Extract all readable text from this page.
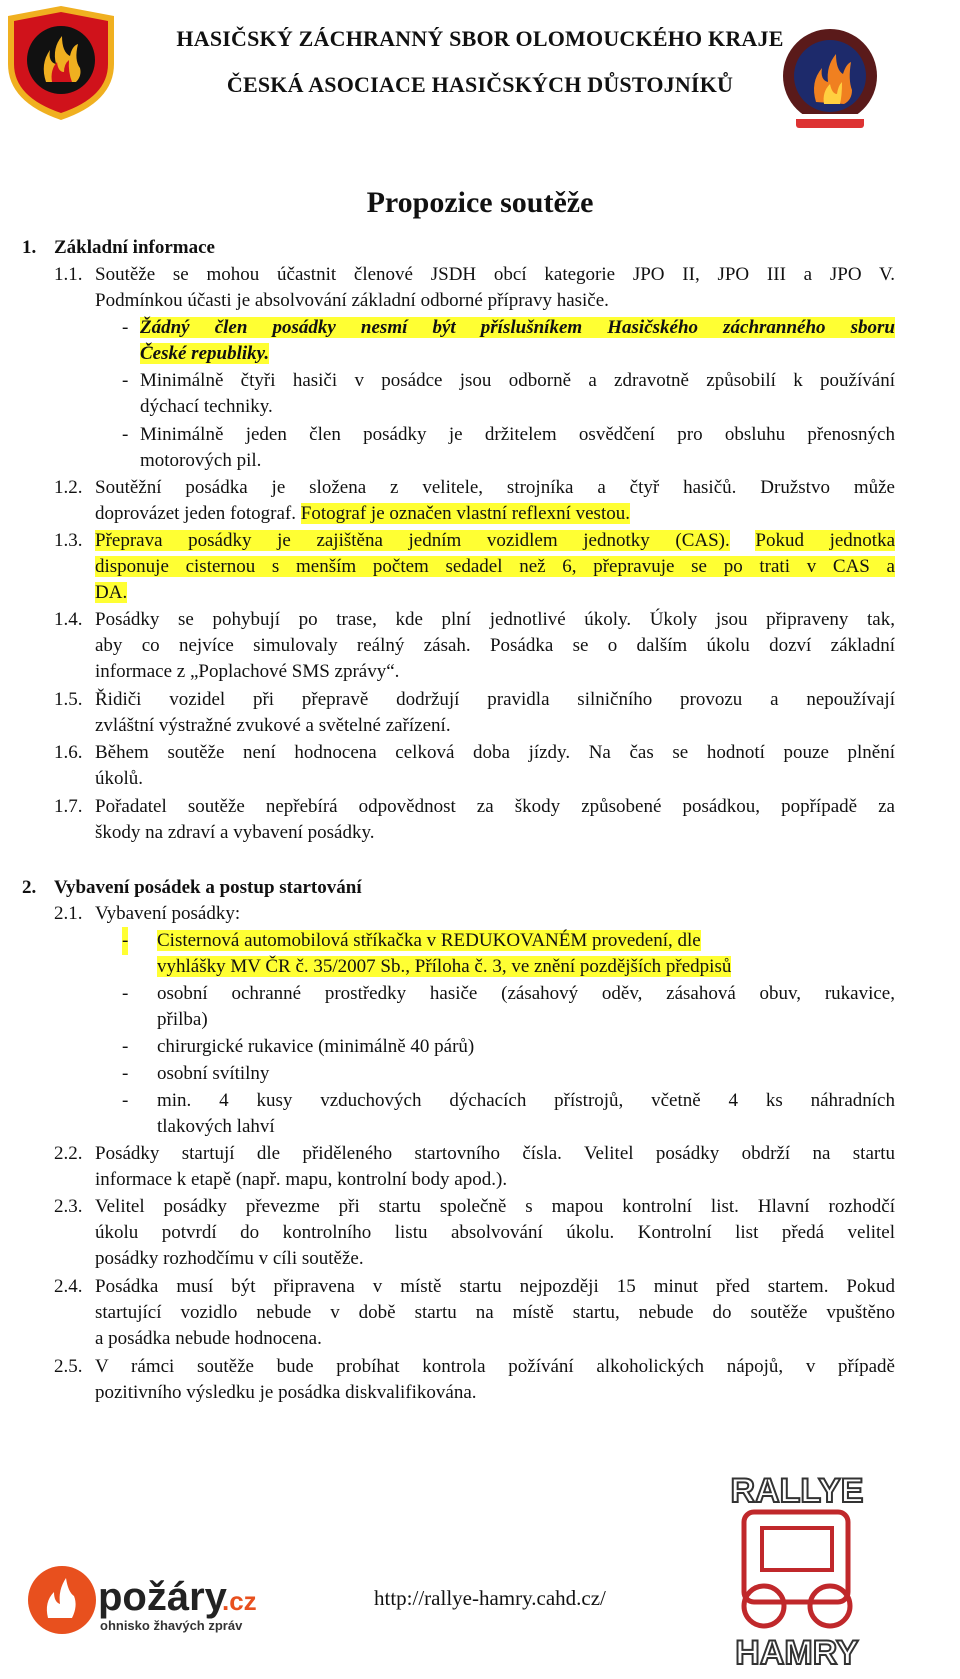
HASIČSKÝ ZÁCHRANNÝ SBOR OLOMOUCKÉHO KRAJE
ČESKÁ ASOCIACE HASIČSKÝCH DŮSTOJNÍKŮ
Propozice soutěže
1. Základní informace
1.1. Soutěže se mohou účastnit členové JSDH obcí kategorie JPO II, JPO III a JPO V.
Podmínkou účasti je absolvování základní odborné přípravy hasiče.
- Žádný člen posádky nesmí být příslušníkem Hasičského záchranného sboru
České republiky.
- Minimálně čtyři hasiči v posádce jsou odborně a zdravotně způsobilí k používání
dýchací techniky.
- Minimálně jeden člen posádky je držitelem osvědčení pro obsluhu přenosných
motorových pil.
1.2. Soutěžní posádka je složena z velitele, strojníka a čtyř hasičů. Družstvo může
doprovázet jeden fotograf. Fotograf je označen vlastní reflexní vestou.
1.3. Přeprava posádky je zajištěna jedním vozidlem jednotky (CAS). Pokud jednotka
disponuje cisternou s menším počtem sedadel než 6, přepravuje se po trati v CAS a
DA.
1.4. Posádky se pohybují po trase, kde plní jednotlivé úkoly. Úkoly jsou připraveny tak,
aby co nejvíce simulovaly reálný zásah. Posádka se o dalším úkolu dozví základní
informace z „Poplachové SMS zprávy“.
1.5. Řidiči vozidel při přepravě dodržují pravidla silničního provozu a nepoužívají
zvláštní výstražné zvukové a světelné zařízení.
1.6. Během soutěže není hodnocena celková doba jízdy. Na čas se hodnotí pouze plnění
úkolů.
1.7. Pořadatel soutěže nepřebírá odpovědnost za škody způsobené posádkou, popřípadě za
škody na zdraví a vybavení posádky.
2. Vybavení posádek a postup startování
2.1. Vybavení posádky:
- Cisternová automobilová stříkačka v REDUKOVANÉM provedení, dle
vyhlášky MV ČR č. 35/2007 Sb., Příloha č. 3, ve znění pozdějších předpisů
- osobní ochranné prostředky hasiče (zásahový oděv, zásahová obuv, rukavice,
přilba)
- chirurgické rukavice (minimálně 40 párů)
- osobní svítilny
- min. 4 kusy vzduchových dýchacích přístrojů, včetně 4 ks náhradních
tlakových lahví
2.2. Posádky startují dle přiděleného startovního čísla. Velitel posádky obdrží na startu
informace k etapě (např. mapu, kontrolní body apod.).
2.3. Velitel posádky převezme při startu společně s mapou kontrolní list. Hlavní rozhodčí
úkolu potvrdí do kontrolního listu absolvování úkolu. Kontrolní list předá velitel
posádky rozhodčímu v cíli soutěže.
2.4. Posádka musí být připravena v místě startu nejpozději 15 minut před startem. Pokud
startující vozidlo nebude v době startu na místě startu, nebude do soutěže vpuštěno
a posádka nebude hodnocena.
2.5. V rámci soutěže bude probíhat kontrola požívání alkoholických nápojů, v případě
pozitivního výsledku je posádka diskvalifikována.
požáry
.cz
ohnisko žhavých zpráv
http://rallye-hamry.cahd.cz/
RALLYE
HAMRY
